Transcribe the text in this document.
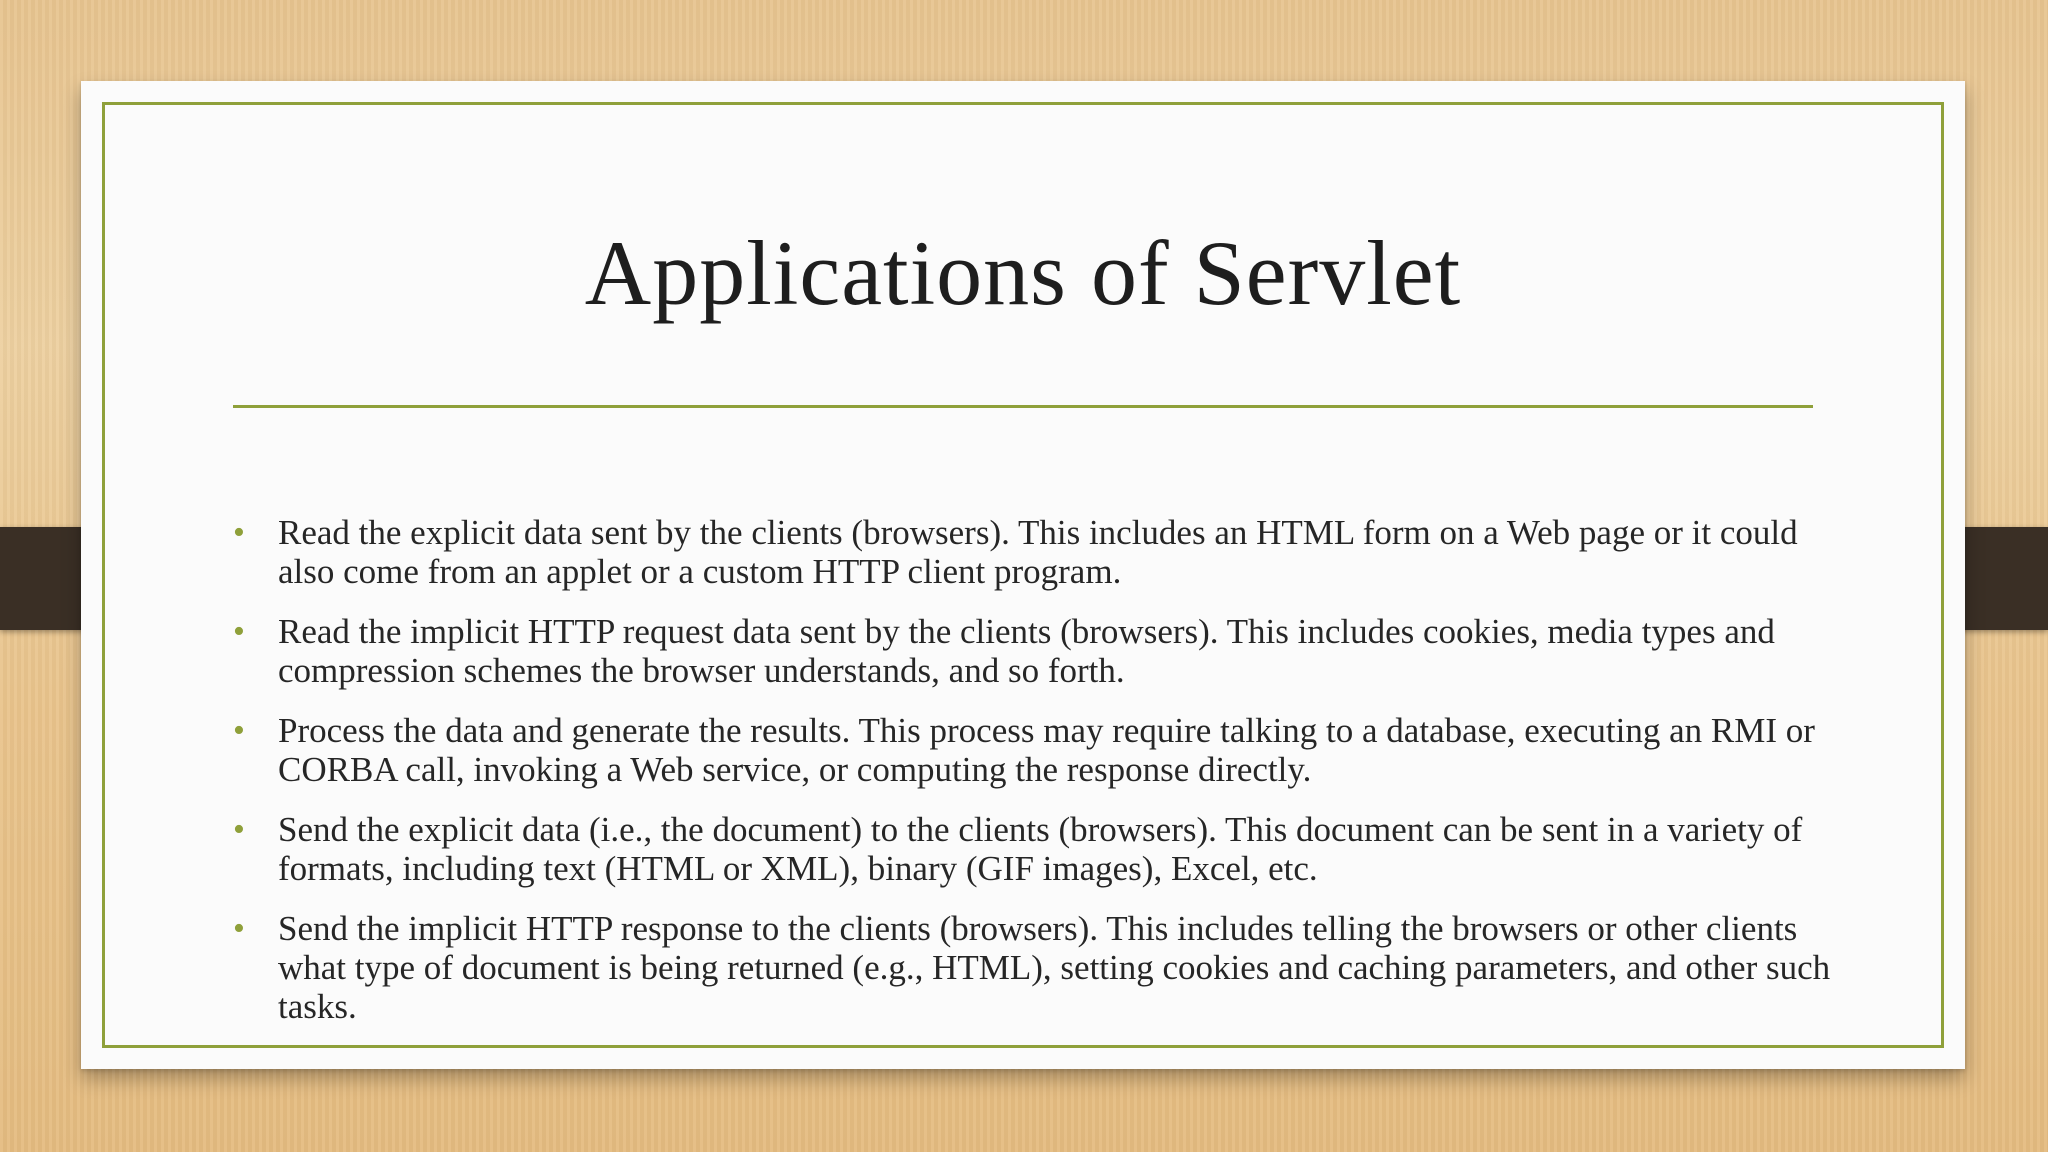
Applications of Servlet
• Read the explicit data sent by the clients (browsers). This includes an HTML form on a Web page or it could also come from an applet or a custom HTTP client program.
• Read the implicit HTTP request data sent by the clients (browsers). This includes cookies, media types and compression schemes the browser understands, and so forth.
• Process the data and generate the results. This process may require talking to a database, executing an RMI or CORBA call, invoking a Web service, or computing the response directly.
• Send the explicit data (i.e., the document) to the clients (browsers). This document can be sent in a variety of formats, including text (HTML or XML), binary (GIF images), Excel, etc.
• Send the implicit HTTP response to the clients (browsers). This includes telling the browsers or other clients what type of document is being returned (e.g., HTML), setting cookies and caching parameters, and other such tasks.
